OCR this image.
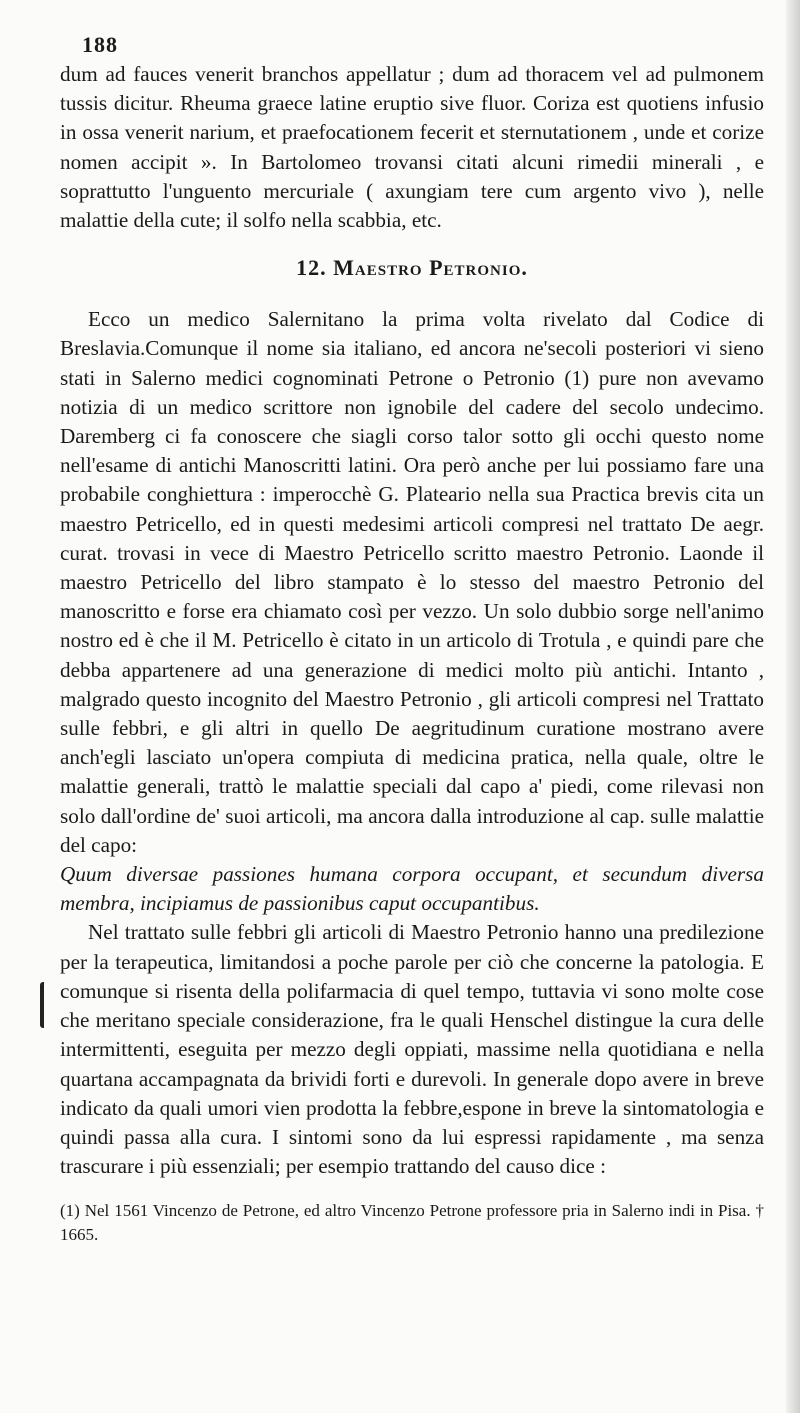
188

dum ad fauces venerit branchos appellatur ; dum ad thoracem vel ad pulmonem tussis dicitur. Rheuma graece latine eruptio sive fluor. Coriza est quotiens infusio in ossa venerit narium, et praefocationem fecerit et sternutationem , unde et corize nomen accipit ». In Bartolomeo trovansi citati alcuni rimedii minerali , e soprattutto l'unguento mercuriale ( axungiam tere cum argento vivo ), nelle malattie della cute; il solfo nella scabbia, etc.

12. Maestro Petronio.

Ecco un medico Salernitano la prima volta rivelato dal Codice di Breslavia.Comunque il nome sia italiano, ed ancora ne'secoli posteriori vi sieno stati in Salerno medici cognominati Petrone o Petronio (1) pure non avevamo notizia di un medico scrittore non ignobile del cadere del secolo undecimo. Daremberg ci fa conoscere che siagli corso talor sotto gli occhi questo nome nell'esame di antichi Manoscritti latini. Ora però anche per lui possiamo fare una probabile conghiettura : imperocchè G. Plateario nella sua Practica brevis cita un maestro Petricello, ed in questi medesimi articoli compresi nel trattato De aegr. curat. trovasi in vece di Maestro Petricello scritto maestro Petronio. Laonde il maestro Petricello del libro stampato è lo stesso del maestro Petronio del manoscritto e forse era chiamato così per vezzo. Un solo dubbio sorge nell'animo nostro ed è che il M. Petricello è citato in un articolo di Trotula , e quindi pare che debba appartenere ad una generazione di medici molto più antichi. Intanto , malgrado questo incognito del Maestro Petronio , gli articoli compresi nel Trattato sulle febbri, e gli altri in quello De aegritudinum curatione mostrano avere anch'egli lasciato un'opera compiuta di medicina pratica, nella quale, oltre le malattie generali, trattò le malattie speciali dal capo a' piedi, come rilevasi non solo dall'ordine de' suoi articoli, ma ancora dalla introduzione al cap. sulle malattie del capo:

Quum diversae passiones humana corpora occupant, et secundum diversa membra, incipiamus de passionibus caput occupantibus.

Nel trattato sulle febbri gli articoli di Maestro Petronio hanno una predilezione per la terapeutica, limitandosi a poche parole per ciò che concerne la patologia. E comunque si risenta della polifarmacia di quel tempo, tuttavia vi sono molte cose che meritano speciale considerazione, fra le quali Henschel distingue la cura delle intermittenti, eseguita per mezzo degli oppiati, massime nella quotidiana e nella quartana accampagnata da brividi forti e durevoli. In generale dopo avere in breve indicato da quali umori vien prodotta la febbre,espone in breve la sintomatologia e quindi passa alla cura. I sintomi sono da lui espressi rapidamente , ma senza trascurare i più essenziali; per esempio trattando del causo dice :

(1) Nel 1561 Vincenzo de Petrone, ed altro Vincenzo Petrone professore pria in Salerno indi in Pisa. † 1665.
